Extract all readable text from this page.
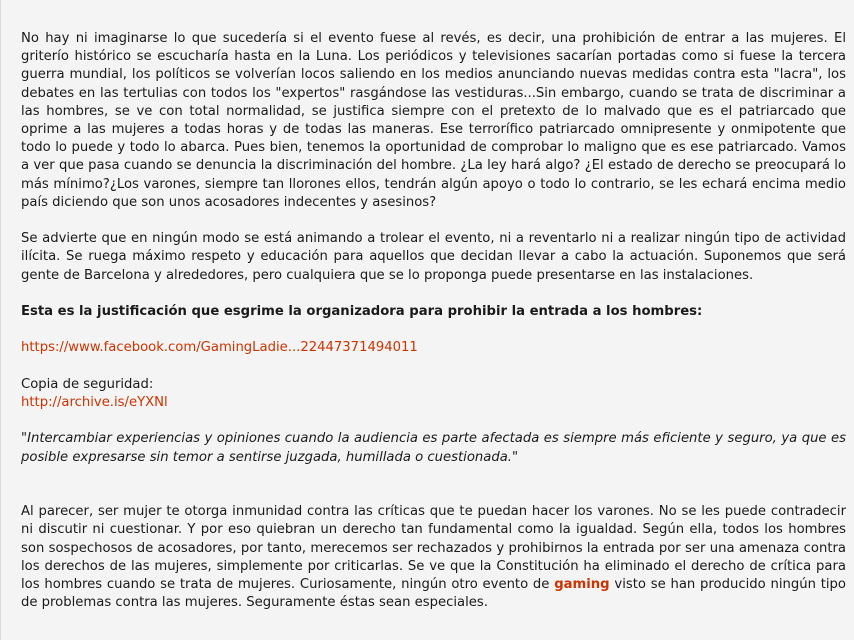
No hay ni imaginarse lo que sucedería si el evento fuese al revés, es decir, una prohibición de entrar a las mujeres. El griterío histórico se escucharía hasta en la Luna. Los periódicos y televisiones sacarían portadas como si fuese la tercera guerra mundial, los políticos se volverían locos saliendo en los medios anunciando nuevas medidas contra esta "lacra", los debates en las tertulias con todos los "expertos" rasgándose las vestiduras...Sin embargo, cuando se trata de discriminar a las hombres, se ve con total normalidad, se justifica siempre con el pretexto de lo malvado que es el patriarcado que oprime a las mujeres a todas horas y de todas las maneras. Ese terrorífico patriarcado omnipresente y onmipotente que todo lo puede y todo lo abarca. Pues bien, tenemos la oportunidad de comprobar lo maligno que es ese patriarcado. Vamos a ver que pasa cuando se denuncia la discriminación del hombre. ¿La ley hará algo? ¿El estado de derecho se preocupará lo más mínimo?¿Los varones, siempre tan llorones ellos, tendrán algún apoyo o todo lo contrario, se les echará encima medio país diciendo que son unos acosadores indecentes y asesinos?

Se advierte que en ningún modo se está animando a trolear el evento, ni a reventarlo ni a realizar ningún tipo de actividad ilícita. Se ruega máximo respeto y educación para aquellos que decidan llevar a cabo la actuación. Suponemos que será gente de Barcelona y alrededores, pero cualquiera que se lo proponga puede presentarse en las instalaciones.

Esta es la justificación que esgrime la organizadora para prohibir la entrada a los hombres:

https://www.facebook.com/GamingLadie...22447371494011

Copia de seguridad:
http://archive.is/eYXNl

"Intercambiar experiencias y opiniones cuando la audiencia es parte afectada es siempre más eficiente y seguro, ya que es posible expresarse sin temor a sentirse juzgada, humillada o cuestionada."

Al parecer, ser mujer te otorga inmunidad contra las críticas que te puedan hacer los varones. No se les puede contradecir ni discutir ni cuestionar. Y por eso quiebran un derecho tan fundamental como la igualdad. Según ella, todos los hombres son sospechosos de acosadores, por tanto, merecemos ser rechazados y prohibirnos la entrada por ser una amenaza contra los derechos de las mujeres, simplemente por criticarlas. Se ve que la Constitución ha eliminado el derecho de crítica para los hombres cuando se trata de mujeres. Curiosamente, ningún otro evento de gaming visto se han producido ningún tipo de problemas contra las mujeres. Seguramente éstas sean especiales.
